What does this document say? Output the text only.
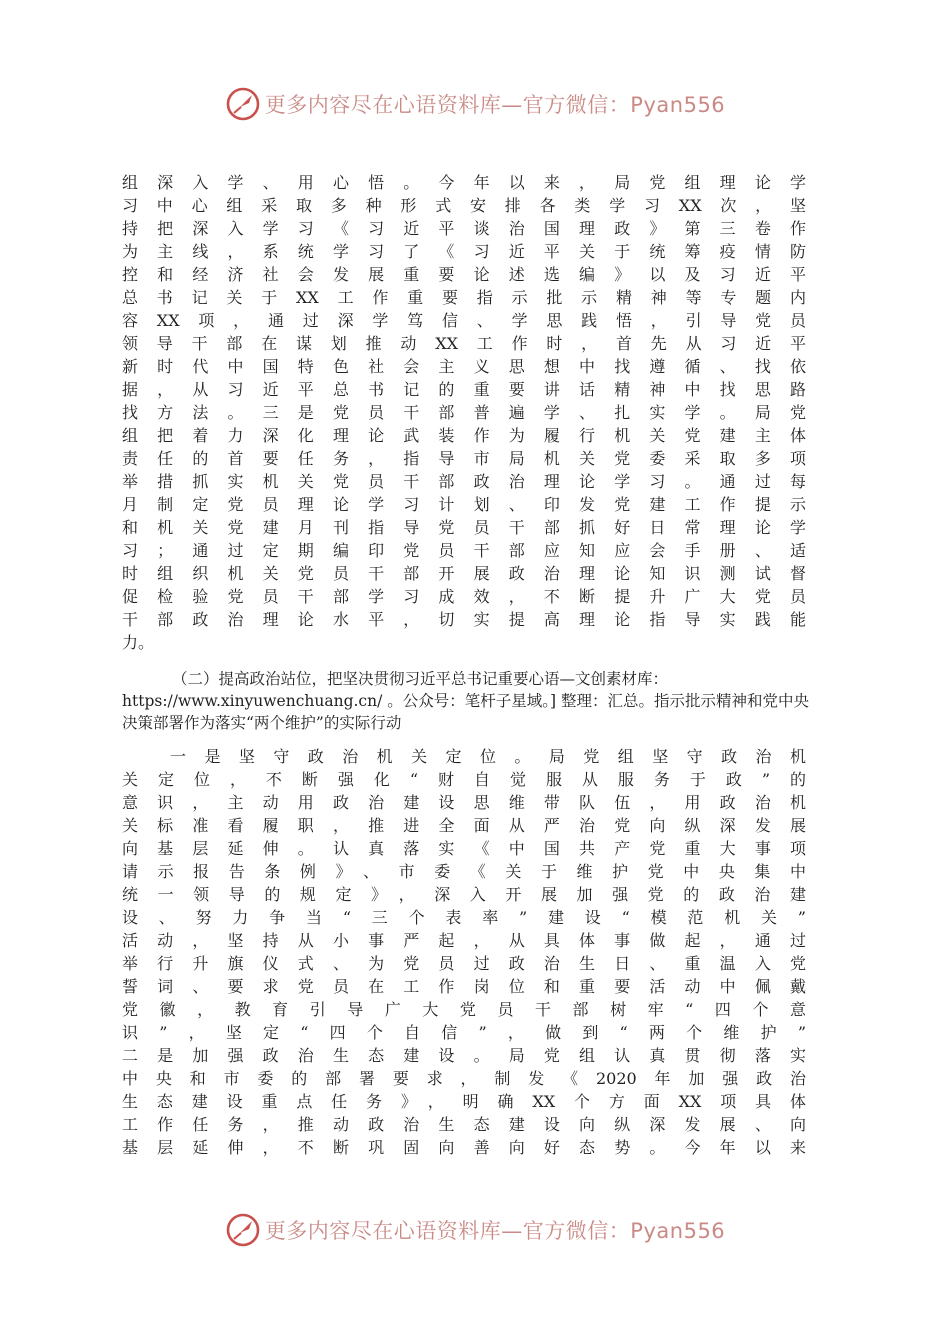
更多内容尽在心语资料库—官方微信：Pyan556
组深入学、用心悟。今年以来，局党组理论学
习中心组采取多种形式安排各类学习XX次，坚
持把深入学习《习近平谈治国理政》第三卷作
为主线，系统学习了《习近平关于统筹疫情防
控和经济社会发展重要论述选编》以及习近平
总书记关于XX工作重要指示批示精神等专题内
容XX项，通过深学笃信、学思践悟，引导党员
领导干部在谋划推动XX工作时，首先从习近平
新时代中国特色社会主义思想中找遵循、找依
据，从习近平总书记的重要讲话精神中找思路
找方法。三是党员干部普遍学、扎实学。局党
组把着力深化理论武装作为履行机关党建主体
责任的首要任务，指导市局机关党委采取多项
举措抓实机关党员干部政治理论学习。通过每
月制定党员理论学习计划、印发党建工作提示
和机关党建月刊指导党员干部抓好日常理论学
习；通过定期编印党员干部应知应会手册、适
时组织机关党员干部开展政治理论知识测试督
促检验党员干部学习成效，不断提升广大党员
干部政治理论水平，切实提高理论指导实践能
力。
（二）提高政治站位，把坚决贯彻习近平总书记重要心语—文创素材库：https://www.xinyuwenchuang.cn/ 。公众号：笔杆子星域。] 整理：汇总。指示批示精神和党中央决策部署作为落实“两个维护”的实际行动
一是坚守政治机关定位。局党组坚守政治机
关定位，不断强化“财自觉服从服务于政”的
意识，主动用政治建设思维带队伍，用政治机
关标准看履职，推进全面从严治党向纵深发展
向基层延伸。认真落实《中国共产党重大事项
请示报告条例》、市委《关于维护党中央集中
统一领导的规定》，深入开展加强党的政治建
设、努力争当“三个表率”建设“模范机关”
活动，坚持从小事严起，从具体事做起，通过
举行升旗仪式、为党员过政治生日、重温入党
誓词、要求党员在工作岗位和重要活动中佩戴
党徽，教育引导广大党员干部树牢“四个意
识”，坚定“四个自信”，做到“两个维护”
二是加强政治生态建设。局党组认真贯彻落实
中央和市委的部署要求，制发《2020年加强政治
生态建设重点任务》，明确XX个方面XX项具体
工作任务，推动政治生态建设向纵深发展、向
基层延伸，不断巩固向善向好态势。今年以来
更多内容尽在心语资料库—官方微信：Pyan556
